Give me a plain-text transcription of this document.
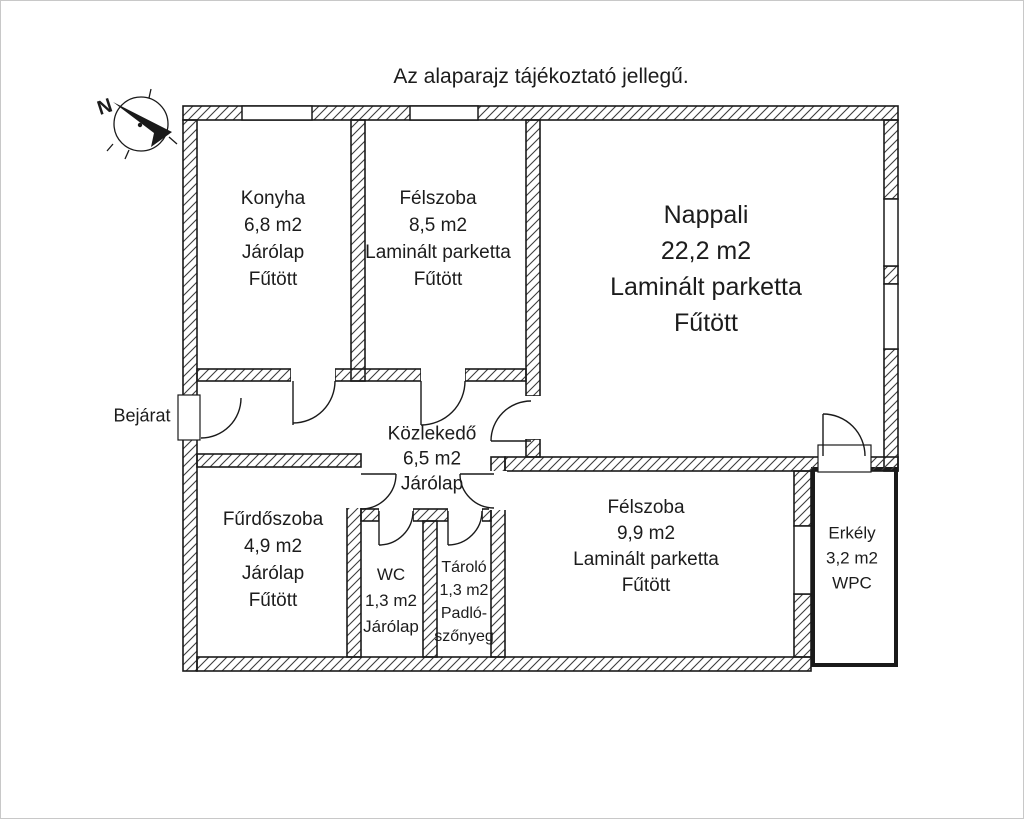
N
Az alaparajz tájékoztató jellegű.
Bejárat
Konyha
6,8 m2
Járólap
Fűtött
Félszoba
8,5 m2
Laminált parketta
Fűtött
Nappali
22,2 m2
Laminált parketta
Fűtött
Közlekedő
6,5 m2
Járólap
Fűrdőszoba
4,9 m2
Járólap
Fűtött
WC
1,3 m2
Járólap
Tároló
1,3 m2
Padló-
szőnyeg
Félszoba
9,9 m2
Laminált parketta
Fűtött
Erkély
3,2 m2
WPC
